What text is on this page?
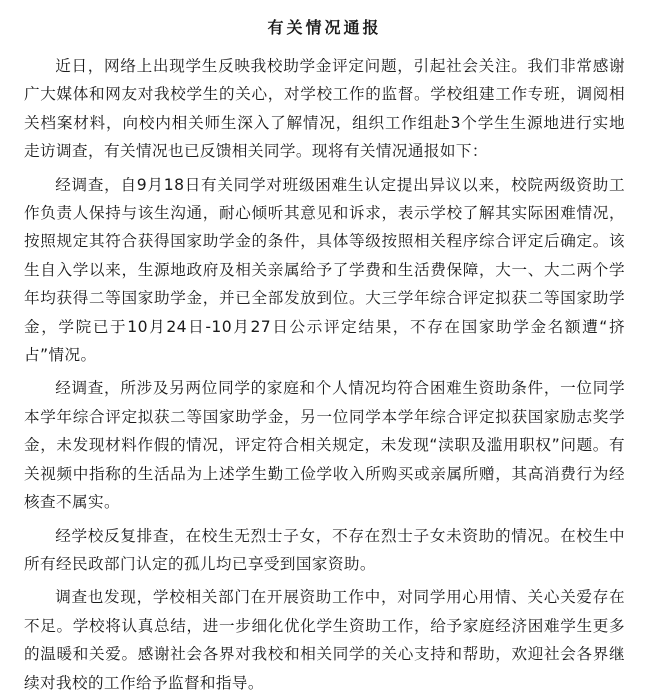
有关情况通报

近日，网络上出现学生反映我校助学金评定问题，引起社会关注。我们非常感谢广大媒体和网友对我校学生的关心，对学校工作的监督。学校组建工作专班，调阅相关档案材料，向校内相关师生深入了解情况，组织工作组赴3个学生生源地进行实地走访调查，有关情况也已反馈相关同学。现将有关情况通报如下：

经调查，自9月18日有关同学对班级困难生认定提出异议以来，校院两级资助工作负责人保持与该生沟通，耐心倾听其意见和诉求，表示学校了解其实际困难情况，按照规定其符合获得国家助学金的条件，具体等级按照相关程序综合评定后确定。该生自入学以来，生源地政府及相关亲属给予了学费和生活费保障，大一、大二两个学年均获得二等国家助学金，并已全部发放到位。大三学年综合评定拟获二等国家助学金，学院已于10月24日-10月27日公示评定结果，不存在国家助学金名额遭“挤占”情况。

经调查，所涉及另两位同学的家庭和个人情况均符合困难生资助条件，一位同学本学年综合评定拟获二等国家助学金，另一位同学本学年综合评定拟获国家励志奖学金，未发现材料作假的情况，评定符合相关规定，未发现“渎职及滥用职权”问题。有关视频中指称的生活品为上述学生勤工俭学收入所购买或亲属所赠，其高消费行为经核查不属实。

经学校反复排查，在校生无烈士子女，不存在烈士子女未资助的情况。在校生中所有经民政部门认定的孤儿均已享受到国家资助。

调查也发现，学校相关部门在开展资助工作中，对同学用心用情、关心关爱存在不足。学校将认真总结，进一步细化优化学生资助工作，给予家庭经济困难学生更多的温暖和关爱。感谢社会各界对我校和相关同学的关心支持和帮助，欢迎社会各界继续对我校的工作给予监督和指导。
